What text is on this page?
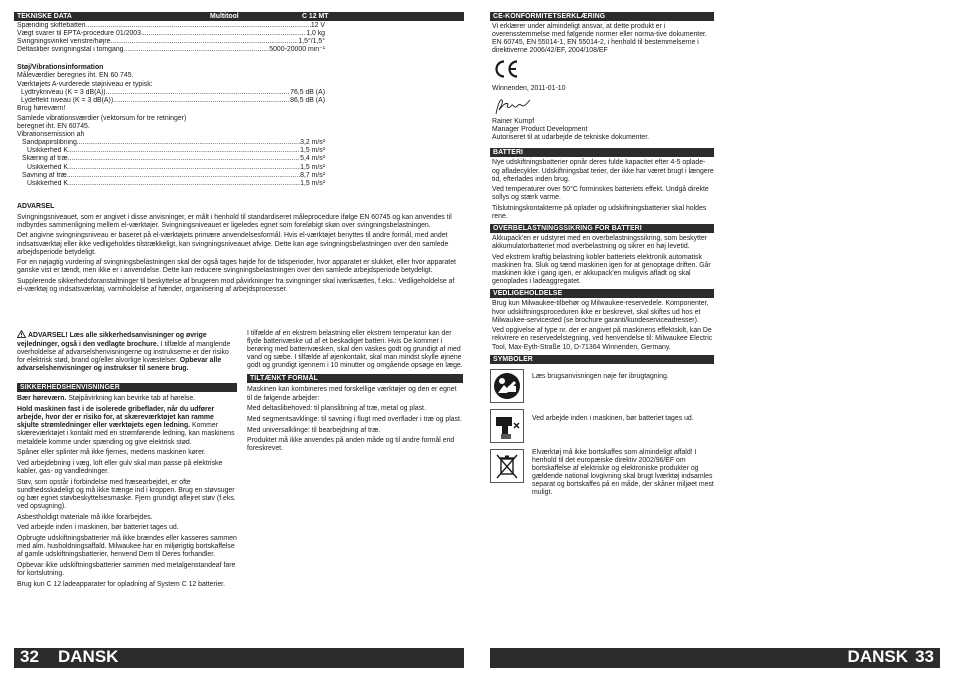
TEKNISKE DATA	Multitool	C 12 MT
Spænding skiftebatteri .....	12 V
Vægt svarer til EPTA-procedure 01/2003 .....	1,0 kg
Svingningsvinkel venstre/højre .....	1,5°/1,5°
Deltasliber svingningstal i tomgang .....	5000-20000 min⁻¹
Støj/Vibrationsinformation
Måleværdier beregnes iht. EN 60 745.
Værktøjets A-vurderede støjniveau er typisk:
Lydtrykniveau (K = 3 dB(A)) .....	76,5 dB (A)
Lydeffekt niveau (K = 3 dB(A)) .....	86,5 dB (A)
Brug høreværn!
Samlede vibrationsværdier (vektorsum for tre retninger)
beregnet iht. EN 60745.
Vibrationsemission ah
Sandpapirslibning .....	3,2 m/s²
Usikkerhed K .....	1,5 m/s²
Skæring af træ .....	5,4 m/s²
Usikkerhed K .....	1,5 m/s²
Savning af træ .....	8,7 m/s²
Usikkerhed K .....	1,5 m/s²

ADVARSEL

Svingningsniveauet, som er angivet i disse anvisninger, er målt i henhold til standardiseret måleprocedure ifølge EN 60745 og kan anvendes til indbyrdes sammenligning mellem el-værktøjer. Svingningsniveauet er ligeledes egnet som foreløbigt skøn over svingningsbelastningen.

Det angivne svingningsniveau er baseret på el-værktøjets primære anvendelsesformål. Hvis el-værktøjet benyttes til andre formål, med andet indsatsværktøj eller ikke vedligeholdes tilstrækkeligt, kan svingningsniveauet afvige. Dette kan øge svingningsbelastningen over den samlede arbejdsperiode betydeligt.

For en nøjagtig vurdering af svingningsbelastningen skal der også tages højde for de tidsperioder, hvor apparatet er slukket, eller hvor apparatet ganske vist er tændt, men ikke er i anvendelse. Dette kan reducere svingningsbelastningen over den samlede arbejdsperiode betydeligt.

Supplerende sikkerhedsforanstaltninger til beskyttelse af brugeren mod påvirkninger fra svingninger skal iværksættes, f.eks.: Vedligeholdelse af el-værktøj og indsatsværktøj, varmholdelse af hænder, organisering af arbejdsprocesser.

ADVARSEL! Læs alle sikkerhedsanvisninger og øvrige vejledninger, også i den vedlagte brochure. I tilfælde af manglende overholdelse af advarselshenvisningerne og instrukserne er der risiko for elektrisk stød, brand og/eller alvorlige kvæstelser. Opbevar alle advarselshenvisninger og instrukser til senere brug.
SIKKERHEDSHENVISNINGER

Bær høreværn. Støjpåvirkning kan bevirke tab af hørelse.

Hold maskinen fast i de isolerede gribeflader, når du udfører arbejde, hvor der er risiko for, at skæreværktøjet kan ramme skjulte strømledninger eller værktøjets egen ledning. Kommer skæreværktøjet i kontakt med en strømførende ledning, kan maskinens metaldele komme under spænding og give elektrisk stød.

Spåner eller splinter må ikke fjernes, medens maskinen kører.

Ved arbejdebning i væg, loft eller gulv skal man passe på elektriske kabler, gas- og vandledninger.

Støv, som opstår i forbindelse med fræsearbejdet, er ofte sundhedsskadeligt og må ikke trænge ind i kroppen. Brug en støvsuger og bær egnet støvbeskyttelsesmaske. Fjern grundigt aflejret støv (f.eks. ved opsugning).

Asbestholdigt materiale må ikke forarbejdes.

Ved arbejde inden i maskinen, bør batteriet tages ud.

Opbrugte udskiftningsbatterier må ikke brændes eller kasseres sammen med alm. husholdningsaffald. Milwaukee har en miljørigtig bortskaffelse af gamle udskiftningsbatterier, henvend Dem til Deres forhandler.

Opbevar ikke udskiftningsbatterier sammen med metalgenstandeaf fare for kortslutning.

Brug kun C 12 ladeapparater for opladning af System C 12 batterier.

I tilfælde af en ekstrem belastning eller ekstrem temperatur kan der flyde batterivæske ud af et beskadiget batteri. Hvis De kommer i berøring med batterivæsken, skal den vaskes godt og grundigt af med vand og sæbe. I tilfælde af øjenkontakt, skal man mindst skylle øjnene godt og grundigt igennem i 10 minutter og omgående opsøge en læge.

TILTÆNKT FORMÅL

Maskinen kan kombineres med forskellige værktøjer og den er egnet til de følgende arbejder:

Med deltaslibehoved: til planslibning af træ, metal og plast.

Med segmentsavklinge: til savning i flugt med overflader i træ og plast.

Med universalklinge: til bearbejdning af træ.

Produktet må ikke anvendes på anden måde og til andre formål end foreskrevet.

32 DANSK
CE-KONFORMITETSERKLÆRING

Vi erklærer under almindeligt ansvar, at dette produkt er i overensstemmelse med følgende normer eller norma-tive dokumenter. EN 60745, EN 55014-1, EN 55014-2, i henhold til bestemmelserne i direktiverne 2006/42/EF, 2004/108/EF

Winnenden, 2011-01-10

Rainer Kumpf

Manager Product Development

Autoriseret til at udarbejde de tekniske dokumenter.

BATTERI

Nye udskiftningsbatterier opnår deres fulde kapacitet efter 4-5 oplade- og afladecykler. Udskiftningsbat terier, der ikke har været brugt i længere tid, efterlades inden brug.

Ved temperaturer over 50°C forminskes batteriets effekt. Undgå direkte sollys og stærk varme.

Tilslutningskontakterne på oplader og udskiftningsbatterier skal holdes rene.

OVERBELASTNINGSSIKRING FOR BATTERI

Akkupack'en er udstyret med en overbelastningssikring, som beskytter akkumulatorbatteriet mod overbelastning og sikrer en høj levetid.

Ved ekstrem kraftig belastning kobler batteriets elektronik automatisk maskinen fra. Sluk og tænd maskinen igen for at genoptage driften. Går maskinen ikke i gang igen, er akkupack'en muligvis afladt og skal genoplades i ladeaggregatet.

VEDLIGEHOLDELSE

Brug kun Milwaukee-tilbehør og Milwaukee-reservedele. Komponenter, hvor udskiftningsproceduren ikke er beskrevet, skal skiftes ud hos et Milwaukee-servicested (se brochure garanti/kundeserviceadresser).

Ved opgivelse af type nr. der er angivet på maskinens effektskilt, kan De rekvirere en reservedelstegning, ved henvendelse til: Milwaukee Electric Tool, Max-Eyth-Straße 10, D-71364 Winnenden, Germany.

SYMBOLER
Læs brugsanvisningen nøje før ibrugtagning.
Ved arbejde inden i maskinen, bør batteriet tages ud.
Elværktøj må ikke bortskaffes som almindeligt affald! I henhold til det europæiske direktiv 2002/96/EF om bortskaffelse af elektriske og elektroniske produkter og gældende national lovgivning skal brugt lværktøj indsamles separat og bortskaffes på en måde, der skåner miljøet mest muligt.
DANSK 33
